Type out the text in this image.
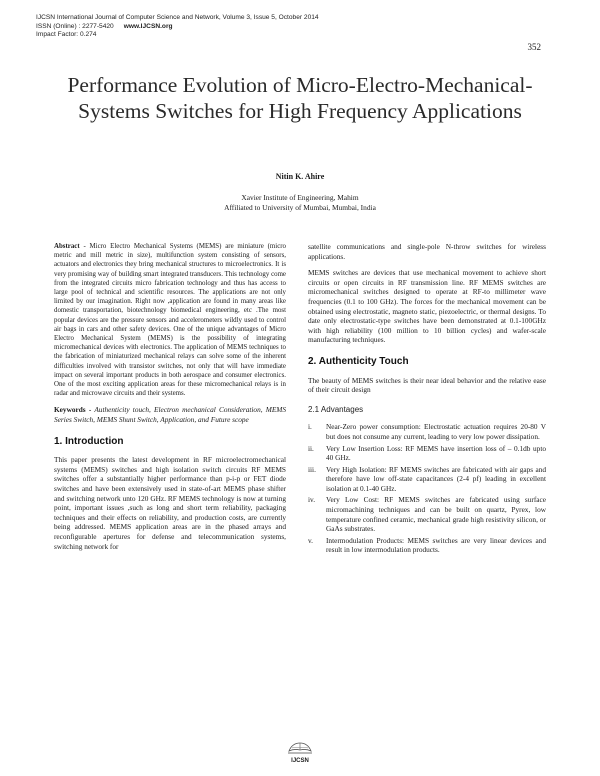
IJCSN International Journal of Computer Science and Network, Volume 3, Issue 5, October 2014
ISSN (Online) : 2277-5420 www.IJCSN.org
Impact Factor: 0.274
352
Performance Evolution of Micro-Electro-Mechanical-Systems Switches for High Frequency Applications
Nitin K. Ahire
Xavier Institute of Engineering, Mahim
Affiliated to University of Mumbai, Mumbai, India

Abstract - Micro Electro Mechanical Systems (MEMS) are miniature (micro metric and mill metric in size), multifunction system consisting of sensors, actuators and electronics they bring mechanical structures to microelectronics. It is very promising way of building smart integrated transducers. This technology come from the integrated circuits micro fabrication technology and thus has access to large pool of technical and scientific resources. The applications are not only limited by our imagination. Right now ,application are found in many areas like domestic transportation, biotechnology biomedical engineering, etc .The most popular devices are the pressure sensors and accelerometers wildly used to control air bags in cars and other safety devices. One of the unique advantages of Micro Electro Mechanical System (MEMS) is the possibility of integrating micromechanical devices with electronics. The application of MEMS techniques to the fabrication of miniaturized mechanical relays can solve some of the inherent difficulties involved with transistor switches, not only that will have immediate impact on several important products in both aerospace and consumer electronics. One of the most exciting application areas for these micromechanical relays is in radar and microwave circuits and their systems.

Keywords - Authenticity touch, Electron mechanical Consideration, MEMS Series Switch, MEMS Shunt Switch, Application, and Future scope

1. Introduction

This paper presents the latest development in RF microelectromechanical systems (MEMS) switches and high isolation switch circuits RF MEMS switches offer a substantially higher performance than p-i-p or FET diode switches and have been extensively used in state-of-art MEMS phase shifter and switching network unto 120 GHz. RF MEMS technology is now at turning point, important issues ,such as long and short term reliability, packaging techniques and their effects on reliability, and production costs, are currently being addressed. MEMS application areas are in the phased arrays and reconfigurable apertures for defense and telecommunication systems, switching network for

satellite communications and single-pole N-throw switches for wireless applications.

MEMS switches are devices that use mechanical movement to achieve short circuits or open circuits in RF transmission line. RF MEMS switches are micromechanical switches designed to operate at RF-to millimeter wave frequencies (0.1 to 100 GHz). The forces for the mechanical movement can be obtained using electrostatic, magneto static, piezoelectric, or thermal designs. To date only electrostatic-type switches have been demonstrated at 0.1-100GHz with high reliability (100 million to 10 billion cycles) and wafer-scale manufacturing techniques.

2. Authenticity Touch

The beauty of MEMS switches is their near ideal behavior and the relative ease of their circuit design

2.1 Advantages
i.	Near-Zero power consumption: Electrostatic actuation requires 20-80 V but does not consume any current, leading to very low power dissipation.
ii.	Very Low Insertion Loss: RF MEMS have insertion loss of – 0.1db upto 40 GHz.
iii.	Very High Isolation: RF MEMS switches are fabricated with air gaps and therefore have low off-state capacitances (2-4 pf) leading in excellent isolation at 0.1-40 GHz.
iv.	Very Low Cost: RF MEMS switches are fabricated using surface micromachining techniques and can be built on quartz, Pyrex, low temperature confined ceramic, mechanical grade high resistivity silicon, or GaAs substrates.
v.	Intermodulation Products: MEMS switches are very linear devices and result in low intermodulation products.
IJCSN
